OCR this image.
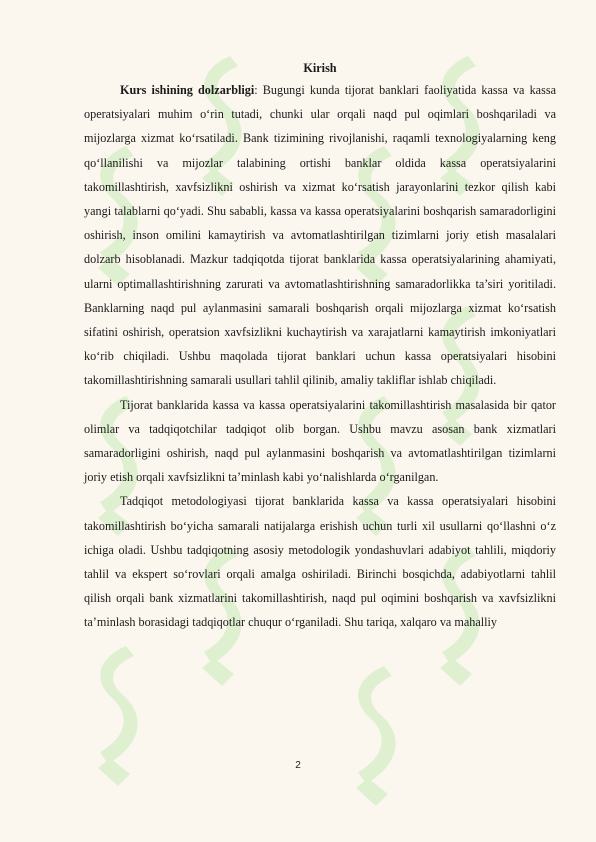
Kirish

Kurs ishining dolzarbligi: Bugungi kunda tijorat banklari faoliyatida kassa va kassa operatsiyalari muhim o‘rin tutadi, chunki ular orqali naqd pul oqimlari boshqariladi va mijozlarga xizmat ko‘rsatiladi. Bank tizimining rivojlanishi, raqamli texnologiyalarning keng qo‘llanilishi va mijozlar talabining ortishi banklar oldida kassa operatsiyalarini takomillashtirish, xavfsizlikni oshirish va xizmat ko‘rsatish jarayonlarini tezkor qilish kabi yangi talablarni qo‘yadi. Shu sababli, kassa va kassa operatsiyalarini boshqarish samaradorligini oshirish, inson omilini kamaytirish va avtomatlashtirilgan tizimlarni joriy etish masalalari dolzarb hisoblanadi. Mazkur tadqiqotda tijorat banklarida kassa operatsiyalarining ahamiyati, ularni optimallashtirishning zarurati va avtomatlashtirishning samaradorlikka ta’siri yoritiladi. Banklarning naqd pul aylanmasini samarali boshqarish orqali mijozlarga xizmat ko‘rsatish sifatini oshirish, operatsion xavfsizlikni kuchaytirish va xarajatlarni kamaytirish imkoniyatlari ko‘rib chiqiladi. Ushbu maqolada tijorat banklari uchun kassa operatsiyalari hisobini takomillashtirishning samarali usullari tahlil qilinib, amaliy takliflar ishlab chiqiladi.

Tijorat banklarida kassa va kassa operatsiyalarini takomillashtirish masalasida bir qator olimlar va tadqiqotchilar tadqiqot olib borgan. Ushbu mavzu asosan bank xizmatlari samaradorligini oshirish, naqd pul aylanmasini boshqarish va avtomatlashtirilgan tizimlarni joriy etish orqali xavfsizlikni ta’minlash kabi yo‘nalishlarda o‘rganilgan.

Tadqiqot metodologiyasi tijorat banklarida kassa va kassa operatsiyalari hisobini takomillashtirish bo‘yicha samarali natijalarga erishish uchun turli xil usullarni qo‘llashni o‘z ichiga oladi. Ushbu tadqiqotning asosiy metodologik yondashuvlari adabiyot tahlili, miqdoriy tahlil va ekspert so‘rovlari orqali amalga oshiriladi. Birinchi bosqichda, adabiyotlarni tahlil qilish orqali bank xizmatlarini takomillashtirish, naqd pul oqimini boshqarish va xavfsizlikni ta’minlash borasidagi tadqiqotlar chuqur o‘rganiladi. Shu tariqa, xalqaro va mahalliy

2
